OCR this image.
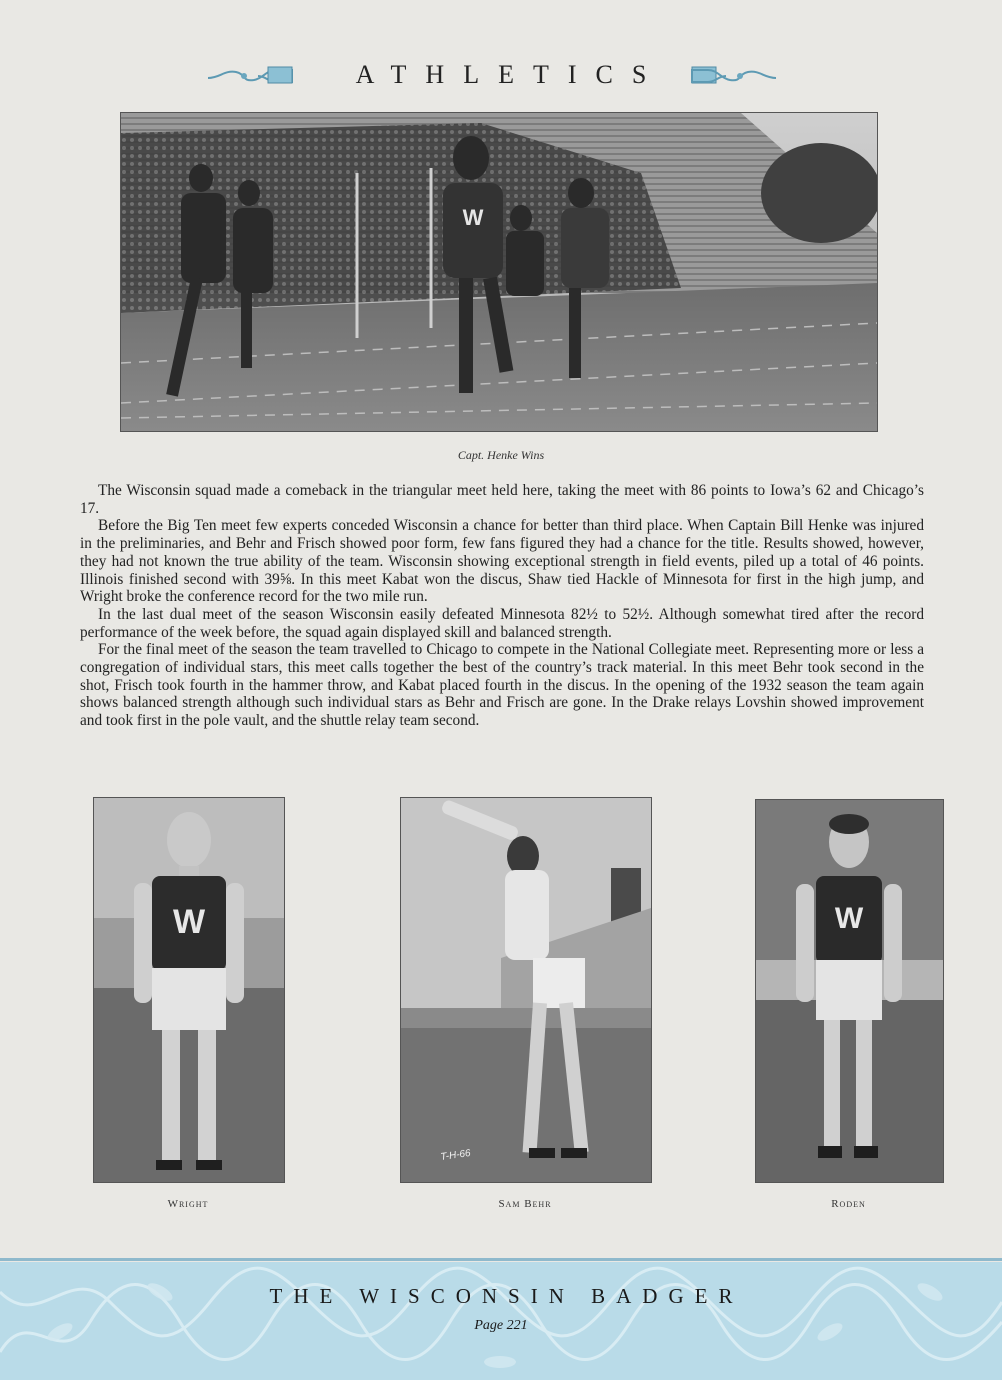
ATHLETICS
W
Capt. Henke Wins

The Wisconsin squad made a comeback in the triangular meet held here, taking the meet with 86 points to Iowa’s 62 and Chicago’s 17.

Before the Big Ten meet few experts conceded Wisconsin a chance for better than third place. When Captain Bill Henke was injured in the preliminaries, and Behr and Frisch showed poor form, few fans figured they had a chance for the title. Results showed, however, they had not known the true ability of the team. Wisconsin showing exceptional strength in field events, piled up a total of 46 points. Illinois finished second with 39⅝. In this meet Kabat won the discus, Shaw tied Hackle of Minnesota for first in the high jump, and Wright broke the conference record for the two mile run.

In the last dual meet of the season Wisconsin easily defeated Minnesota 82½ to 52½. Although somewhat tired after the record performance of the week before, the squad again displayed skill and balanced strength.

For the final meet of the season the team travelled to Chicago to compete in the National Collegiate meet. Representing more or less a congregation of individual stars, this meet calls together the best of the country’s track material. In this meet Behr took second in the shot, Frisch took fourth in the hammer throw, and Kabat placed fourth in the discus. In the opening of the 1932 season the team again shows balanced strength although such individual stars as Behr and Frisch are gone. In the Drake relays Lovshin showed improvement and took first in the pole vault, and the shuttle relay team second.

W
T-H-66
W
Wright	Sam Behr	Roden
THE WISCONSIN BADGER
Page 221
